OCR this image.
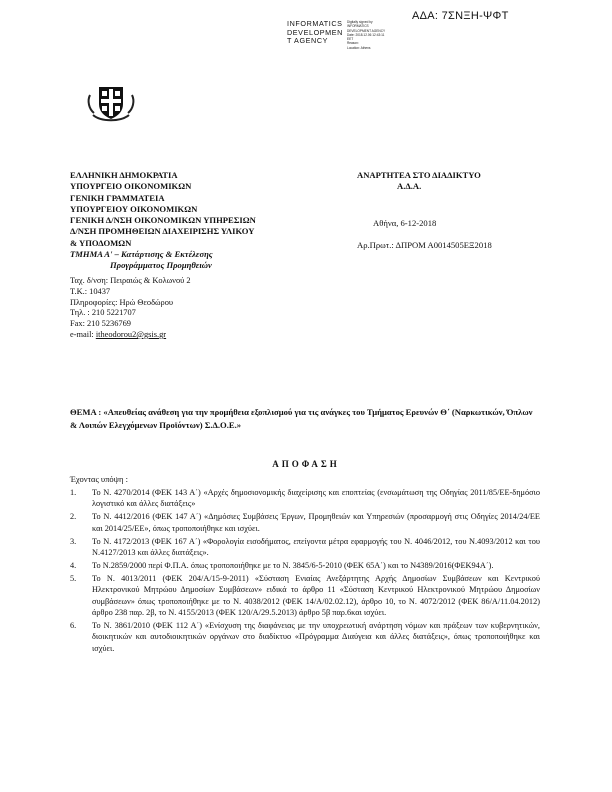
ΑΔΑ: 7ΣΝΞΗ-ΨΦΤ
INFORMATICS
DEVELOPMEN
T AGENCY
Digitally signed by
INFORMATICS
DEVELOPMENT AGENCY
Date: 2018.12.06 12:43:11
EET
Reason:
Location: Athens
ΕΛΛΗΝΙΚΗ ΔΗΜΟΚΡΑΤΙΑ
ΥΠΟΥΡΓΕΙΟ ΟΙΚΟΝΟΜΙΚΩΝ
ΓΕΝΙΚΗ ΓΡΑΜΜΑΤΕΙΑ
ΥΠΟΥΡΓΕΙΟΥ ΟΙΚΟΝΟΜΙΚΩΝ
ΓΕΝΙΚΗ Δ/ΝΣΗ ΟΙΚΟΝΟΜΙΚΩΝ ΥΠΗΡΕΣΙΩΝ
Δ/ΝΣΗ ΠΡΟΜΗΘΕΙΩΝ ΔΙΑΧΕΙΡΙΣΗΣ ΥΛΙΚΟΥ
& ΥΠΟΔΟΜΩΝ
ΤΜΗΜΑ Α' – Κατάρτισης & Εκτέλεσης
Προγράμματος Προμηθειών
ΑΝΑΡΤΗΤΕΑ ΣΤΟ ΔΙΑΔΙΚΤΥΟ
Α.Δ.Α.
Αθήνα, 6-12-2018
Αρ.Πρωτ.: ΔΠΡΟΜ Α0014505ΕΞ2018
Ταχ. δ/νση: Πειραιώς & Κολωνού 2
Τ.Κ.: 10437
Πληροφορίες: Ηρώ Θεοδώρου
Τηλ. : 210 5221707
Fax: 210 5236769
e-mail: itheodorou2@gsis.gr
ΘΕΜΑ : «Απευθείας ανάθεση για την προμήθεια εξοπλισμού για τις ανάγκες του Τμήματος Ερευνών Θ΄ (Ναρκωτικών, Όπλων & Λοιπών Ελεγχόμενων Προϊόντων) Σ.Δ.Ο.Ε.»
ΑΠΟΦΑΣΗ
Έχοντας υπόψη :
1. Το Ν. 4270/2014 (ΦΕΚ 143 Α΄) «Αρχές δημοσιονομικής διαχείρισης και εποπτείας (ενσωμάτωση της Οδηγίας 2011/85/ΕΕ-δημόσιο λογιστικό και άλλες διατάξεις»
2. Το Ν. 4412/2016 (ΦΕΚ 147 Α΄) «Δημόσιες Συμβάσεις Έργων, Προμηθειών και Υπηρεσιών (προσαρμογή στις Οδηγίες 2014/24/ΕΕ και 2014/25/ΕΕ», όπως τροποποιήθηκε και ισχύει.
3. Το Ν. 4172/2013 (ΦΕΚ 167 Α΄) «Φορολογία εισοδήματος, επείγοντα μέτρα εφαρμογής του Ν. 4046/2012, του Ν.4093/2012 και του Ν.4127/2013 και άλλες διατάξεις».
4. Το Ν.2859/2000 περί Φ.Π.Α. όπως τροποποιήθηκε με το Ν. 3845/6-5-2010 (ΦΕΚ 65Α΄) και το Ν4389/2016(ΦΕΚ94Α΄).
5. Το Ν. 4013/2011 (ΦΕΚ 204/Α/15-9-2011) «Σύσταση Ενιαίας Ανεξάρτητης Αρχής Δημοσίων Συμβάσεων και Κεντρικού Ηλεκτρονικού Μητρώου Δημοσίων Συμβάσεων» ειδικά το άρθρο 11 «Σύσταση Κεντρικού Ηλεκτρονικού Μητρώου Δημοσίων συμβάσεων» όπως τροποποιήθηκε με το Ν. 4038/2012 (ΦΕΚ 14/Α/02.02.12), άρθρο 10, το Ν. 4072/2012 (ΦΕΚ 86/Α/11.04.2012) άρθρο 238 παρ. 2β, το Ν. 4155/2013 (ΦΕΚ 120/Α/29.5.2013) άρθρο 5β παρ.6και ισχύει.
6. Το Ν. 3861/2010 (ΦΕΚ 112 Α΄) «Ενίσχυση της διαφάνειας με την υποχρεωτική ανάρτηση νόμων και πράξεων των κυβερνητικών, διοικητικών και αυτοδιοικητικών οργάνων στο διαδίκτυο «Πρόγραμμα Διαύγεια και άλλες διατάξεις», όπως τροποποιήθηκε και ισχύει.
